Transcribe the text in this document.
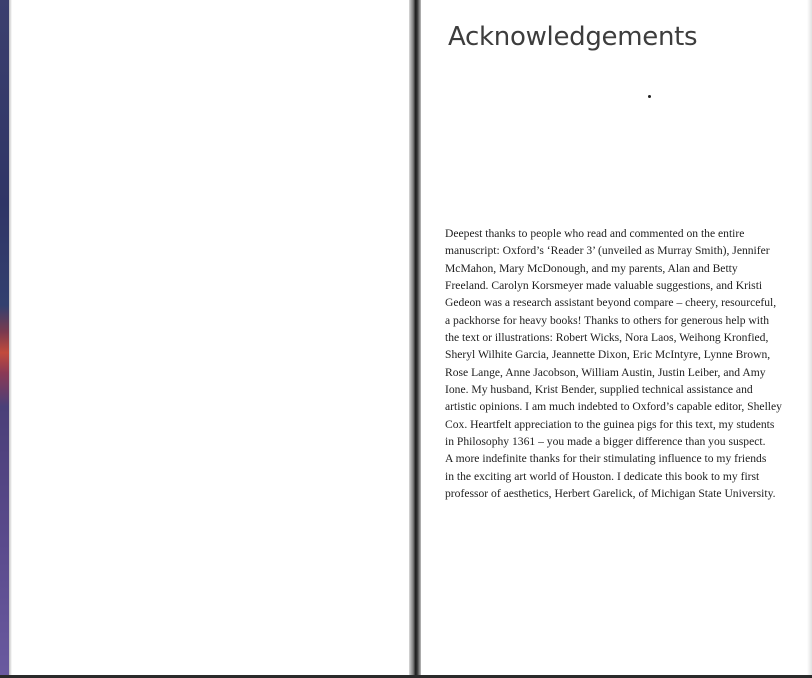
Acknowledgements

Deepest thanks to people who read and commented on the entire
manuscript: Oxford’s ‘Reader 3’ (unveiled as Murray Smith), Jennifer
McMahon, Mary McDonough, and my parents, Alan and Betty
Freeland. Carolyn Korsmeyer made valuable suggestions, and Kristi
Gedeon was a research assistant beyond compare – cheery, resourceful,
a packhorse for heavy books! Thanks to others for generous help with
the text or illustrations: Robert Wicks, Nora Laos, Weihong Kronfied,
Sheryl Wilhite Garcia, Jeannette Dixon, Eric McIntyre, Lynne Brown,
Rose Lange, Anne Jacobson, William Austin, Justin Leiber, and Amy
Ione. My husband, Krist Bender, supplied technical assistance and
artistic opinions. I am much indebted to Oxford’s capable editor, Shelley
Cox. Heartfelt appreciation to the guinea pigs for this text, my students
in Philosophy 1361 – you made a bigger difference than you suspect.
A more indefinite thanks for their stimulating influence to my friends
in the exciting art world of Houston. I dedicate this book to my first
professor of aesthetics, Herbert Garelick, of Michigan State University.
